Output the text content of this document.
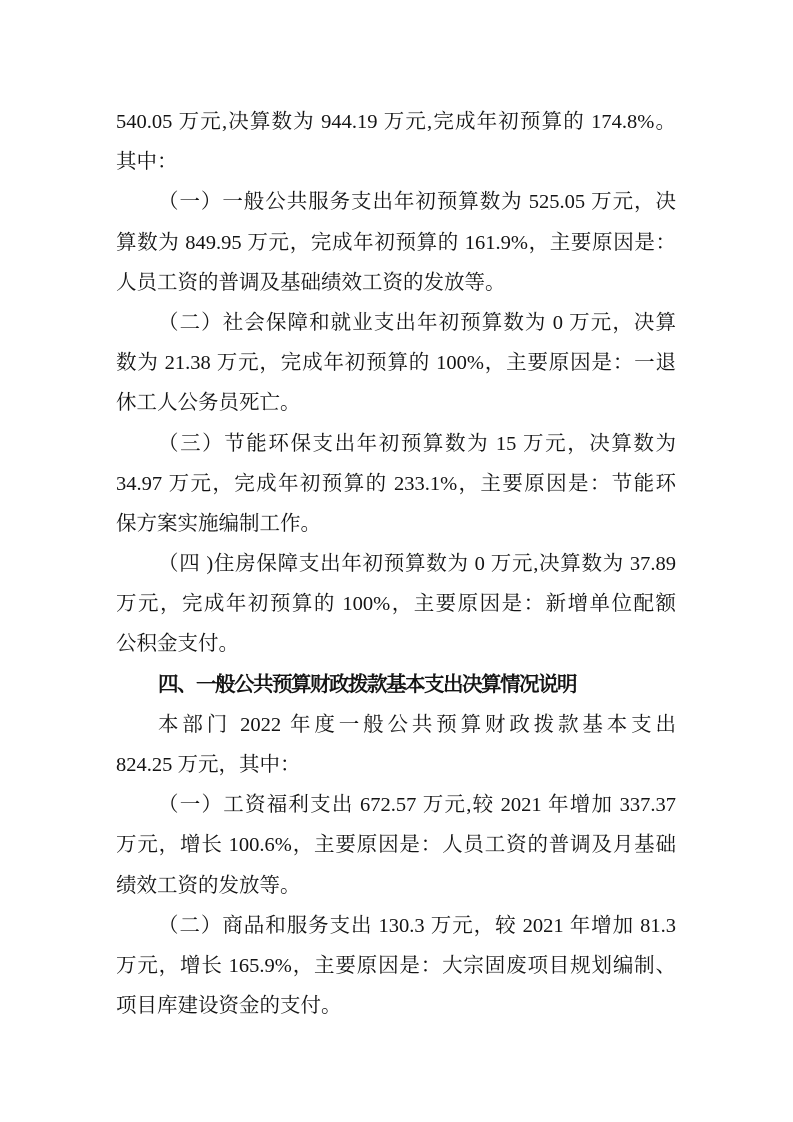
540.05 万元,决算数为 944.19 万元,完成年初预算的 174.8%。
其中：

（一）一般公共服务支出年初预算数为 525.05 万元，决
算数为 849.95 万元，完成年初预算的 161.9%，主要原因是：
人员工资的普调及基础绩效工资的发放等。

（二）社会保障和就业支出年初预算数为 0 万元，决算
数为 21.38 万元，完成年初预算的 100%，主要原因是：一退
休工人公务员死亡。

（三）节能环保支出年初预算数为 15 万元，决算数为
34.97 万元，完成年初预算的 233.1%，主要原因是：节能环
保方案实施编制工作。

（四 )住房保障支出年初预算数为 0 万元,决算数为 37.89
万元，完成年初预算的 100%，主要原因是：新增单位配额
公积金支付。

四、一般公共预算财政拨款基本支出决算情况说明

本部门 2022 年度一般公共预算财政拨款基本支出
824.25 万元，其中：

（一）工资福利支出 672.57 万元,较 2021 年增加 337.37
万元，增长 100.6%，主要原因是：人员工资的普调及月基础
绩效工资的发放等。

（二）商品和服务支出 130.3 万元，较 2021 年增加 81.3
万元，增长 165.9%，主要原因是：大宗固废项目规划编制、
项目库建设资金的支付。
